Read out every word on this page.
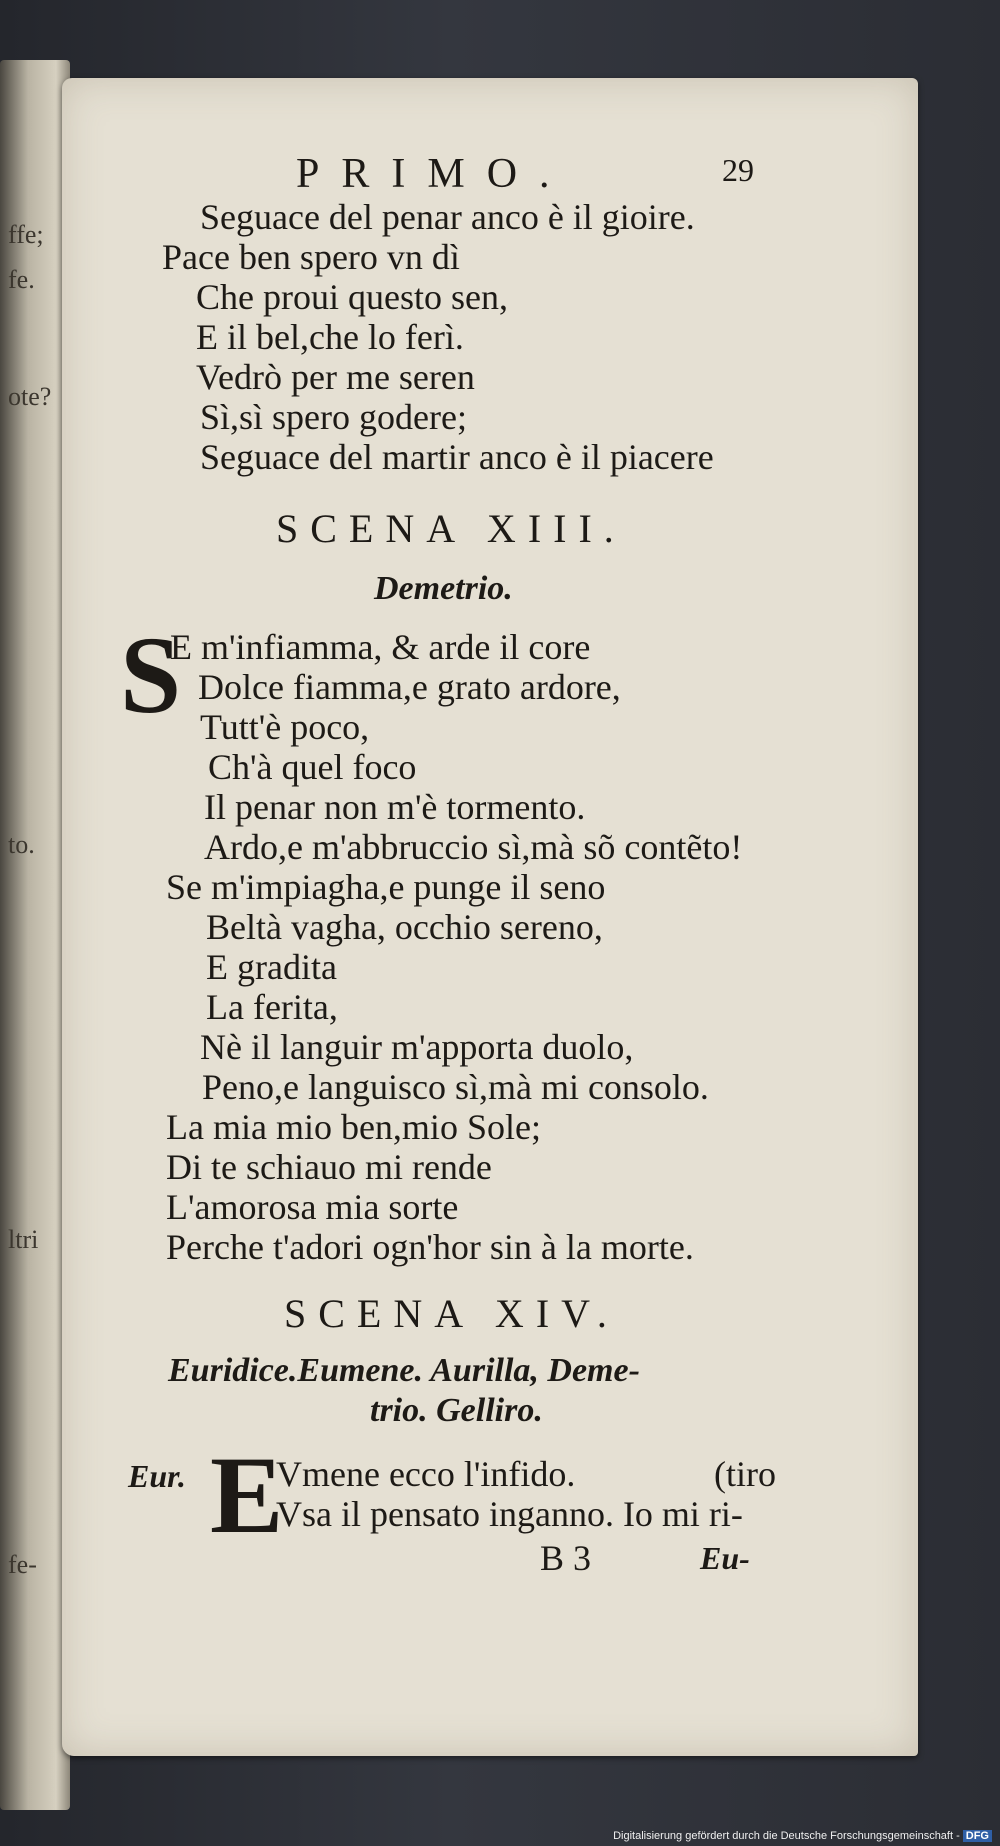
ffe;
fe.
ote?
to.
ltri
fe-
PRIMO.	29
Seguace del penar anco è il gioire.
Pace ben spero vn dì
Che proui questo sen,
E il bel,che lo ferì.
Vedrò per me seren
Sì,sì spero godere;
Seguace del martir anco è il piacere
SCENA XIII.
Demetrio.
S
E m'infiamma, & arde il core
Dolce fiamma,e grato ardore,
Tutt'è poco,
Ch'à quel foco
Il penar non m'è tormento.
Ardo,e m'abbruccio sì,mà sõ contẽto!
Se m'impiagha,e punge il seno
Beltà vagha, occhio sereno,
E gradita
La ferita,
Nè il languir m'apporta duolo,
Peno,e languisco sì,mà mi consolo.
La mia mio ben,mio Sole;
Di te schiauo mi rende
L'amorosa mia sorte
Perche t'adori ogn'hor sin à la morte.
SCENA XIV.
Euridice.Eumene. Aurilla, Deme-
trio. Gelliro.
Eur. E
Vmene ecco l'infido.	(tiro
Vsa il pensato inganno. Io mi ri-
B 3	Eu-
Digitalisierung gefördert durch die Deutsche Forschungsgemeinschaft - DFG
